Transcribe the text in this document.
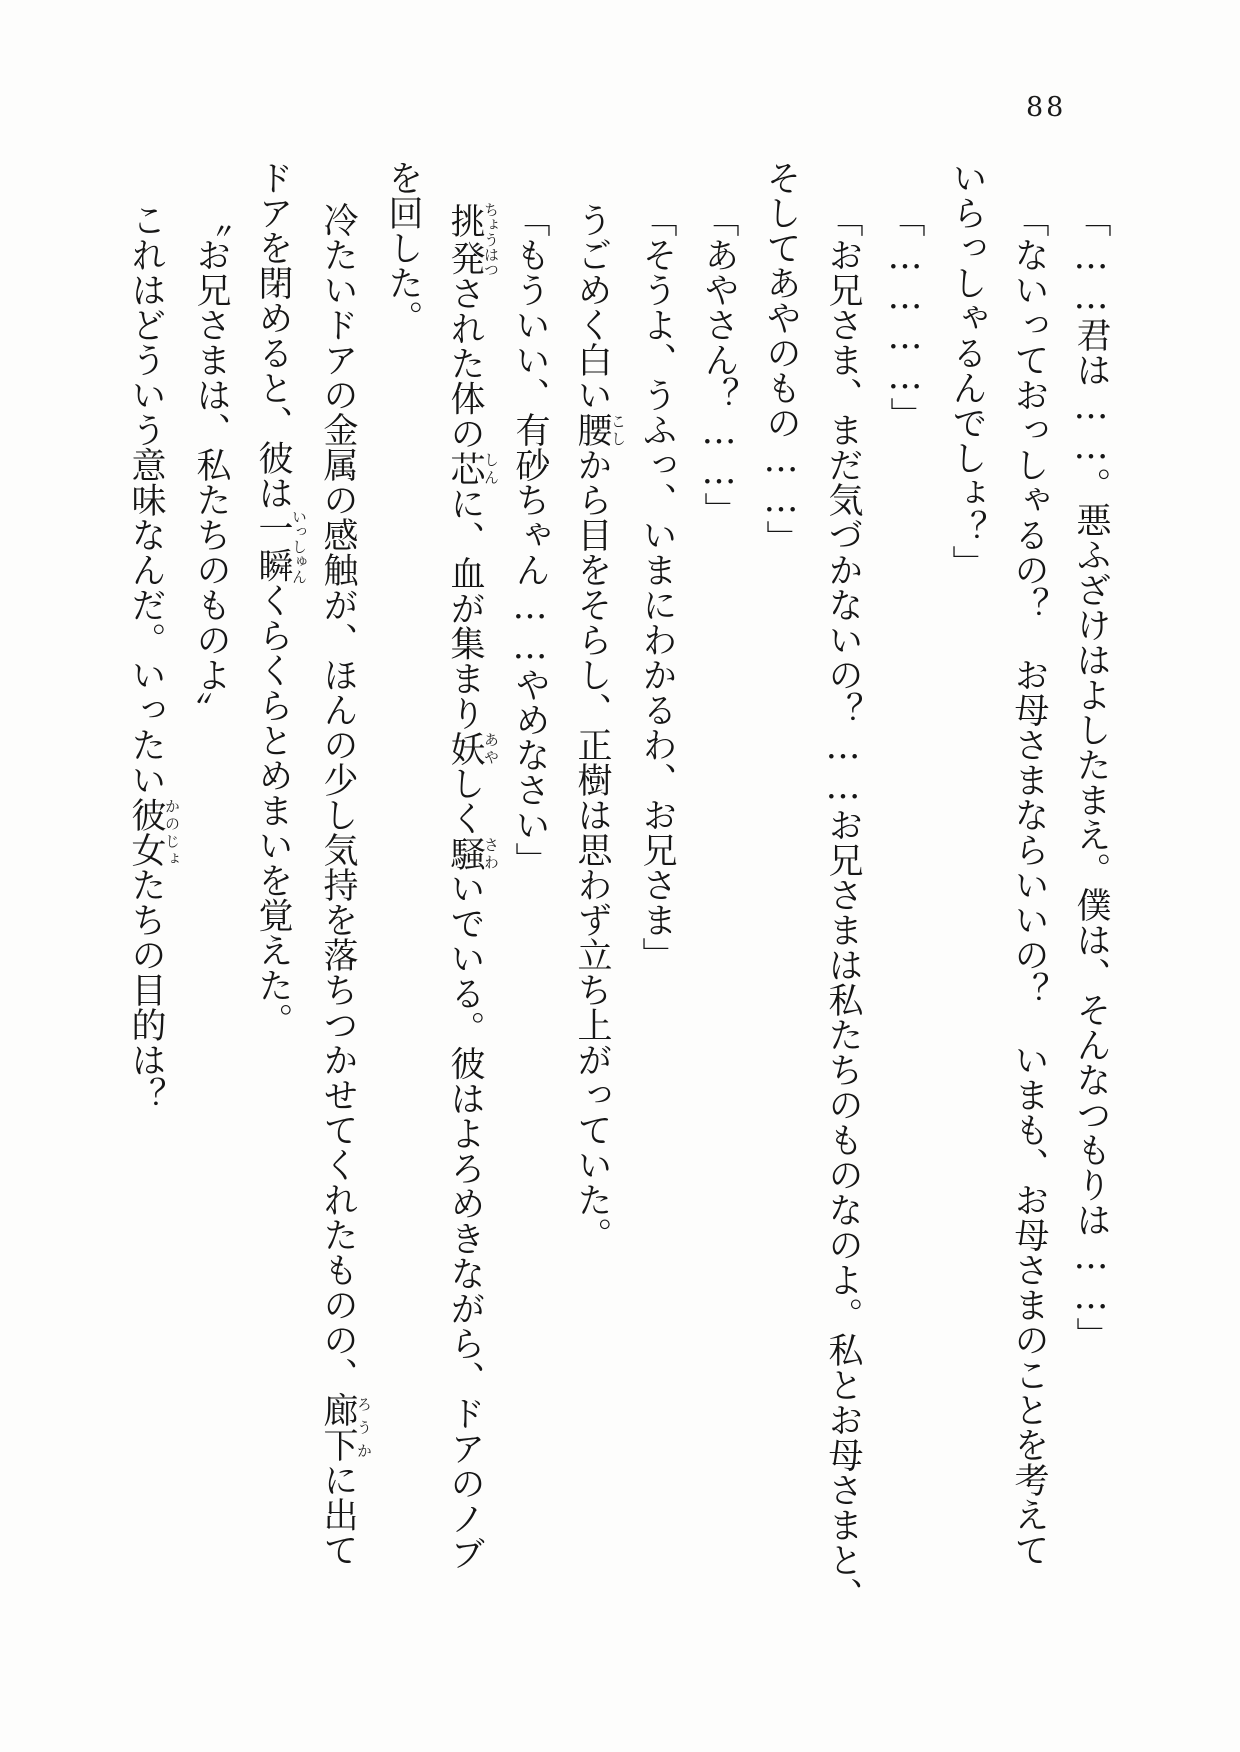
88
「……君は……。悪ふざけはよしたまえ。僕は、そんなつもりは……」
「ないっておっしゃるの？　お母さまならいいの？　いまも、お母さまのことを考えて
いらっしゃるんでしょ？」
「…………」
「お兄さま、まだ気づかないの？……お兄さまは私たちのものなのよ。私とお母さまと、
そしてあやのもの……」
「あやさん？……」
「そうよ、うふっ、いまにわかるわ、お兄さま」
うごめく白い腰こしから目をそらし、正樹は思わず立ち上がっていた。
「もういい、有砂ちゃん……やめなさい」
挑発ちょうはつされた体の芯しんに、血が集まり妖あやしく騒さわいでいる。彼はよろめきながら、ドアのノブ
を回した。
冷たいドアの金属の感触が、ほんの少し気持を落ちつかせてくれたものの、廊下ろうかに出て
ドアを閉めると、彼は一瞬いっしゅんくらくらとめまいを覚えた。
〝お兄さまは、私たちのものよ〟
これはどういう意味なんだ。いったい彼女かのじょたちの目的は？
